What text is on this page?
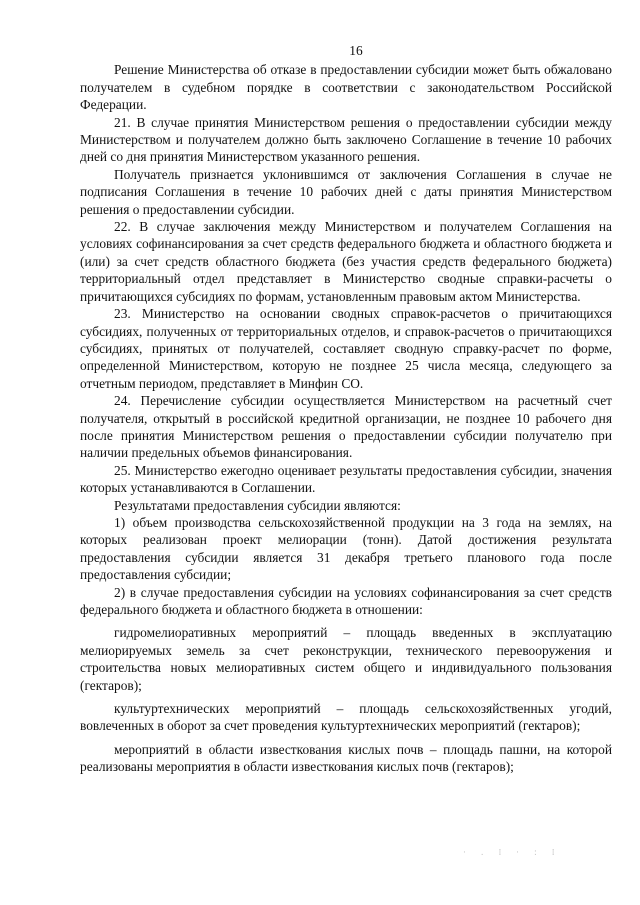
16

Решение Министерства об отказе в предоставлении субсидии может быть обжаловано получателем в судебном порядке в соответствии с законодательством Российской Федерации.

21. В случае принятия Министерством решения о предоставлении субсидии между Министерством и получателем должно быть заключено Соглашение в течение 10 рабочих дней со дня принятия Министерством указанного решения.

Получатель признается уклонившимся от заключения Соглашения в случае не подписания Соглашения в течение 10 рабочих дней с даты принятия Министерством решения о предоставлении субсидии.

22. В случае заключения между Министерством и получателем Соглашения на условиях софинансирования за счет средств федерального бюджета и областного бюджета и (или) за счет средств областного бюджета (без участия средств федерального бюджета) территориальный отдел представляет в Министерство сводные справки-расчеты о причитающихся субсидиях по формам, установленным правовым актом Министерства.

23. Министерство на основании сводных справок-расчетов о причитающихся субсидиях, полученных от территориальных отделов, и справок-расчетов о причитающихся субсидиях, принятых от получателей, составляет сводную справку-расчет по форме, определенной Министерством, которую не позднее 25 числа месяца, следующего за отчетным периодом, представляет в Минфин СО.

24. Перечисление субсидии осуществляется Министерством на расчетный счет получателя, открытый в российской кредитной организации, не позднее 10 рабочего дня после принятия Министерством решения о предоставлении субсидии получателю при наличии предельных объемов финансирования.

25. Министерство ежегодно оценивает результаты предоставления субсидии, значения которых устанавливаются в Соглашении.

Результатами предоставления субсидии являются:

1) объем производства сельскохозяйственной продукции на 3 года на землях, на которых реализован проект мелиорации (тонн). Датой достижения результата предоставления субсидии является 31 декабря третьего планового года после предоставления субсидии;

2) в случае предоставления субсидии на условиях софинансирования за счет средств федерального бюджета и областного бюджета в отношении:

гидромелиоративных мероприятий – площадь введенных в эксплуатацию мелиорируемых земель за счет реконструкции, технического перевооружения и строительства новых мелиоративных систем общего и индивидуального пользования (гектаров);

культуртехнических мероприятий – площадь сельскохозяйственных угодий, вовлеченных в оборот за счет проведения культуртехнических мероприятий (гектаров);

мероприятий в области известкования кислых почв – площадь пашни, на которой реализованы мероприятия в области известкования кислых почв (гектаров);

· . ⁞ · : ⁞
